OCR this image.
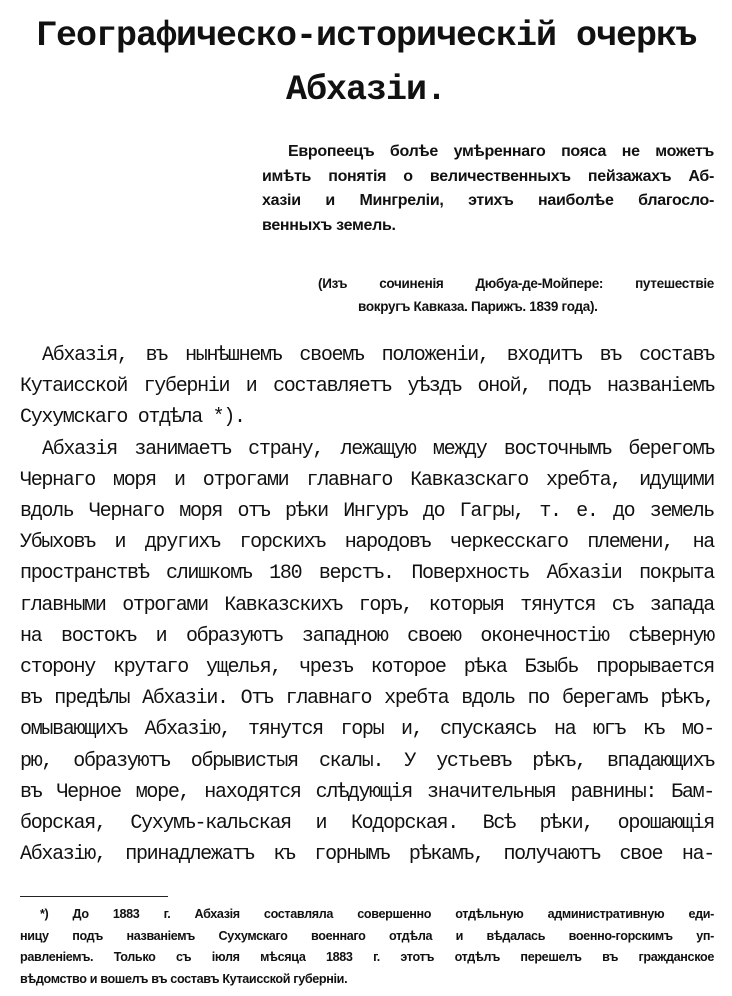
Географическо-историческій очеркъ
Абхазіи.
Европеецъ болѣе умѣреннаго пояса не можетъ
имѣть понятія о величественныхъ пейзажахъ Аб-
хазіи и Мингреліи, этихъ наиболѣе благосло-
венныхъ земель.
(Изъ сочиненія Дюбуа-де-Мойпере: путешествіе
вокругъ Кавказа. Парижъ. 1839 года).
Абхазія, въ нынѣшнемъ своемъ положеніи, входитъ въ составъ
Кутаисской губерніи и составляетъ уѣздъ оной, подъ названіемъ
Сухумскаго отдѣла *).
Абхазія занимаетъ страну, лежащую между восточнымъ берегомъ
Чернаго моря и отрогами главнаго Кавказскаго хребта, идущими
вдоль Чернаго моря отъ рѣки Ингуръ до Гагры, т. е. до земель
Убыховъ и другихъ горскихъ народовъ черкесскаго племени, на
пространствѣ слишкомъ 180 верстъ. Поверхность Абхазіи покрыта
главными отрогами Кавказскихъ горъ, которыя тянутся съ запада
на востокъ и образуютъ западною своею оконечностію сѣверную
сторону крутаго ущелья, чрезъ которое рѣка Бзыбь прорывается
въ предѣлы Абхазіи. Отъ главнаго хребта вдоль по берегамъ рѣкъ,
омывающихъ Абхазію, тянутся горы и, спускаясь на югъ къ мо-
рю, образуютъ обрывистыя скалы. У устьевъ рѣкъ, впадающихъ
въ Черное море, находятся слѣдующія значительныя равнины: Бам-
борская, Сухумъ-кальская и Кодорская. Всѣ рѣки, орошающія
Абхазію, принадлежатъ къ горнымъ рѣкамъ, получаютъ свое на-
*) До 1883 г. Абхазія составляла совершенно отдѣльную административную еди-
ницу подъ названіемъ Сухумскаго военнаго отдѣла и вѣдалась военно-горскимъ уп-
равленіемъ. Только съ іюля мѣсяца 1883 г. этотъ отдѣлъ перешелъ въ гражданское
вѣдомство и вошелъ въ составъ Кутаисской губерніи.
